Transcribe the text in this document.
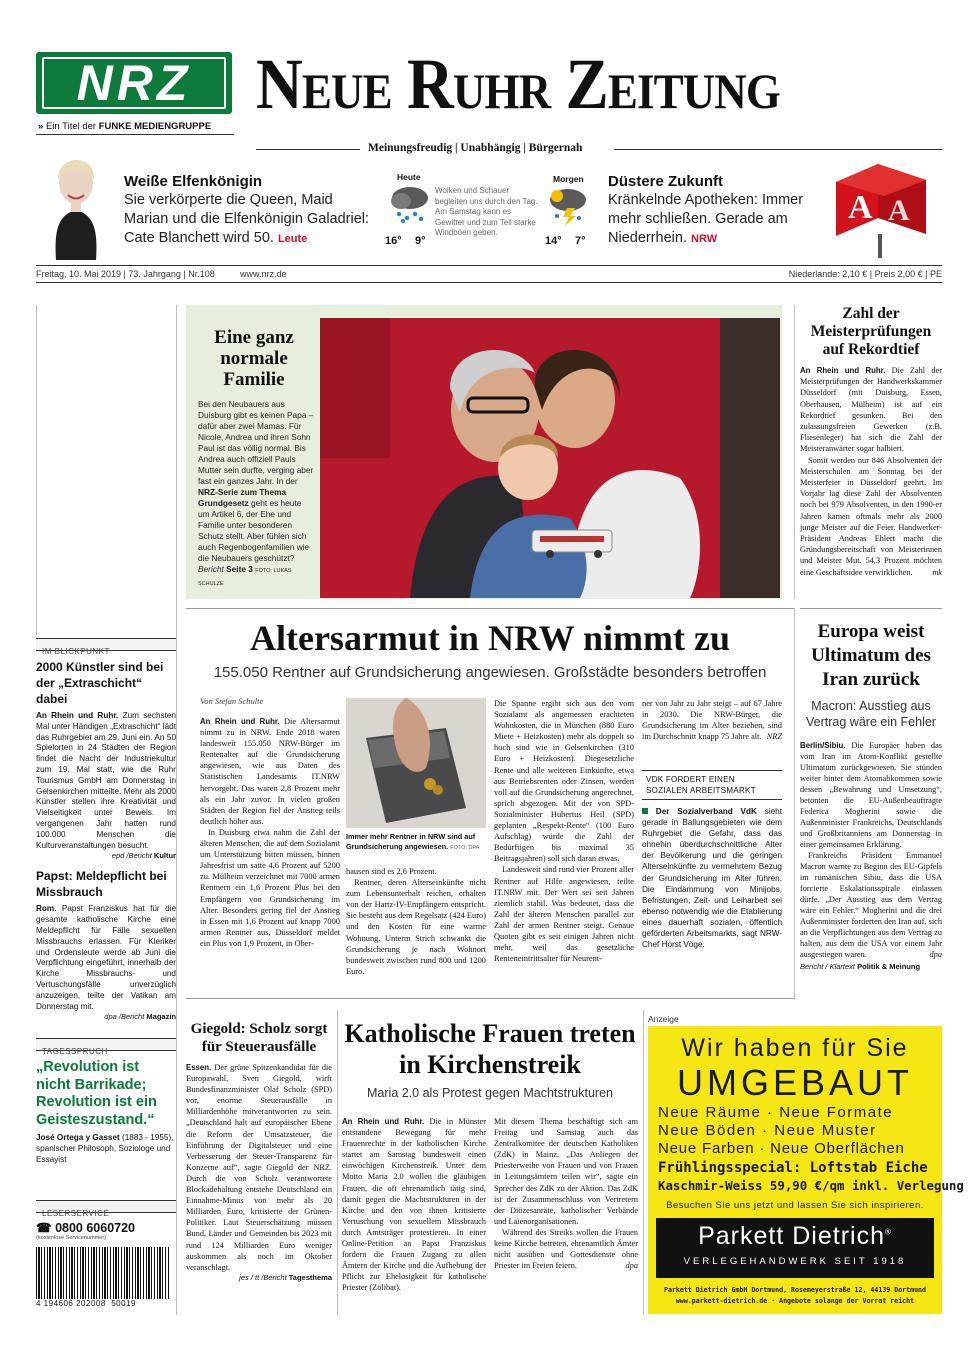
NRZ Neue Ruhr Zeitung
» Ein Titel der FUNKE MEDIENGRUPPE
Meinungsfreudig | Unabhängig | Bürgernah
Weiße Elfenkönigin
Sie verkörperte die Queen, Maid Marian und die Elfenkönigin Galadriel: Cate Blanchett wird 50. Leute
Heute
16° 9°
Wolken und Schauer begleiten uns durch den Tag. Am Samstag kann es Gewitter und zum Teil starke Windböen geben.
Morgen
14° 7°
Düstere Zukunft
Kränkelnde Apotheken: Immer mehr schließen. Gerade am Niederrhein. NRW
A A
Freitag, 10. Mai 2019 | 73. Jahrgang | Nr.108	www.nrz.de	Niederlande: 2,10 € | Preis 2,00 € | PE
Eine ganz normale Familie
Bei den Neubauers aus Duisburg gibt es keinen Papa – dafür aber zwei Mamas. Für Nicole, Andrea und ihren Sohn Paul ist das völlig normal. Bis Andrea auch offiziell Pauls Mutter sein durfte, verging aber fast ein ganzes Jahr. In der NRZ-Serie zum Thema Grundgesetz geht es heute um Artikel 6, der Ehe und Familie unter besonderen Schutz stellt. Aber fühlen sich auch Regenbogenfamilien wie die Neubauers geschützt?
Bericht Seite 3 FOTO: LUKAS SCHULZE
Zahl der Meisterprüfungen auf Rekordtief
An Rhein und Ruhr. Die Zahl der Meisterprüfungen der Handwerkskammer Düsseldorf (mit Duisburg, Essen, Oberhausen, Mülheim) ist auf ein Rekordtief gesunken. Bei den zulassungsfreien Gewerken (z.B. Fliesenleger) hat sich die Zahl der Meisteranwärter sogar halbiert.
Somit werden nur 846 Absolventen der Meisterschulen am Sonntag bei der Meisterfeier in Düsseldorf geehrt. Im Vorjahr lag diese Zahl der Absolventen noch bei 979 Absolventen, in den 1990-er Jahren kamen oftmals mehr als 2000 junge Meister auf die Feier. Handwerker-Präsident Andreas Ehlert macht die Gründungsbereitschaft von Meisterinnen und Meister Mut. 54,3 Prozent möchten eine Geschäftsidee verwirklichen.	mk
IM BLICKPUNKT
2000 Künstler sind bei der „Extraschicht“ dabei
An Rhein und Ruhr. Zum sechsten Mal unter Händigen „Extraschicht“ lädt das Ruhrgebiet am 29. Juni ein. An 50 Spielorten in 24 Städten der Region findet die Nacht der Industriekultur zum 19. Mal statt, wie die Ruhr Tourismus GmbH am Donnerstag in Gelsenkirchen mitteilte. Mehr als 2000 Künstler stellen ihre Kreativität und Vielseitigkeit unter Beweis. Im vergangenen Jahr hatten rund 100.000 Menschen die Kulturveranstaltungen besucht.
epd /Bericht Kultur
Papst: Meldepflicht bei Missbrauch
Rom. Papst Franziskus hat für die gesamte katholische Kirche eine Meldepflicht für Fälle sexuellen Missbrauchs erlassen. Für Kleriker und Ordensleute werde ab Juni die Verpflichtung eingeführt, innerhalb der Kirche Missbrauchs- und Vertuschungsfälle unverzüglich anzuzeigen, teilte der Vatikan am Donnerstag mit.
dpa /Bericht Magazin
TAGESSPRUCH
„Revolution ist nicht Barrikade; Revolution ist ein Geisteszustand.“
José Ortega y Gasset (1883 - 1955), spanischer Philosoph, Soziologe und Essayist
LESERSERVICE
☎ 0800 6060720
(kostenlose Servicenummer)
4 194606 202008  50019
Altersarmut in NRW nimmt zu
155.050 Rentner auf Grundsicherung angewiesen. Großstädte besonders betroffen
Von Stefan Schulte
An Rhein und Ruhr. Die Altersarmut nimmt zu in NRW. Ende 2018 waren landesweit 155.050 NRW-Bürger im Rentenalter auf die Grundsicherung angewiesen, wie aus Daten des Statistischen Landesamts IT.NRW hervorgeht. Das waren 2,8 Prozent mehr als ein Jahr zuvor. In vielen großen Städten der Region fiel der Anstieg teils deutlich höher aus.
In Duisburg etwa nahm die Zahl der älteren Menschen, die auf dem Sozialamt um Unterstützung bitten müssen, binnen Jahresfrist um satte 4,6 Prozent auf 5200 zu. Mülheim verzeichnet mit 7000 armen Rentnern ein 1,6 Prozent Plus bei den Empfängern von Grundsicherung im Alter. Besonders gering fiel der Anstieg in Essen mit 1,6 Prozent auf knapp 7000 armen Rentner aus, Düsseldorf meldet ein Plus von 1,9 Prozent, in Ober-
Immer mehr Rentner in NRW sind auf Grundsicherung angewiesen. FOTO: DPA
hausen sind es 2,6 Prozent.
Rentner, deren Alterseinkünfte nicht zum Lebensunterhalt reichen, erhalten von der Hartz-IV-Empfängern entspricht. Sie besteht aus dem Regelsatz (424 Euro) und den Kosten für eine warme Wohnung. Unterm Strich schwankt die Grundsicherung je nach Wohnort bundesweit zwischen rund 800 und 1200 Euro.
Die Spanne ergibt sich aus den vom Sozialamt als angemessen erachteten Wohnkosten, die in München (880 Euro Miete + Heizkosten) mehr als doppelt so hoch sind wie in Gelsenkirchen (310 Euro + Heizkosten). Diegesetzliche Rente und alle weiteren Einkünfte, etwa aus Betriebsrenten oder Zinsen, werden voll auf die Grundsicherung angerechnet, sprich abgezogen. Mit der von SPD-Sozialminister Hubertus Heil (SPD) geplanten „Respekt-Rente“ (100 Euro Aufschlag) würde die Zahl der Bedürftigen bis maximal 35 Beitragsjahren) soll sich daran etwas.
Landesweit sind rund vier Prozent aller Rentner auf Hilfe angewiesen, teilte IT.NRW mit. Der Wert sei seit Jahren ziemlich stabil. Was bedeutet, dass die Zahl der älteren Menschen parallel zur Zahl der armen Rentner steigt. Genaue Quoten gibt es seit einigen Jahren nicht mehr, weil das gesetzliche Renteneintrittsalter für Neurent-
ner von Jahr zu Jahr steigt – auf 67 Jahre in 2030. Die NRW-Bürger, die Grundsicherung im Alter beziehen, sind im Durchschnitt knapp 75 Jahre alt. NRZ
VDK FORDERT EINEN SOZIALEN ARBEITSMARKT
Der Sozialverband VdK sieht gerade in Ballungsgebieten wie dem Ruhrgebiet die Gefahr, dass das ohnehin überdurchschnittliche Alter der Bevölkerung und die geringen Alterseinkünfte zu vermehrtem Bezug der Grundsicherung im Alter führen. Die Eindämmung von Minijobs, Befristungen, Zeit- und Leiharbeit sei ebenso notwendig wie die Etablierung eines dauerhaft sozialen, öffentlich geförderten Arbeitsmarkts, sagt NRW-Chef Horst Vöge.
Europa weist Ultimatum des Iran zurück
Macron: Ausstieg aus Vertrag wäre ein Fehler
Berlin/Sibiu. Die Europäer haben das vom Iran im Atom-Konflikt gestellte Ultimatum zurückgewiesen. Sie stünden weiter hinter dem Atomabkommen sowie dessen „Bewahrung und Umsetzung“, betonten die EU-Außenbeauftragte Federica Mogherini sowie die Außenminister Frankreichs, Deutschlands und Großbritanniens am Donnerstag in einer gemeinsamen Erklärung.
Frankreichs Präsident Emmanuel Macron warnte zu Beginn des EU-Gipfels im rumänischen Sibiu, dass die USA forcierte Eskalationsspirale einlassen dürfe. „Der Ausstieg aus dem Vertrag wäre ein Fehler.“ Mogherini und die drei Außenminister forderten den Iran auf, sich an die Verpflichtungen aus dem Vertrag zu halten, aus dem die USA vor einem Jahr ausgestiegen waren.	dpa
Bericht / Klartext Politik & Meinung
Giegold: Scholz sorgt für Steuerausfälle
Essen. Der grüne Spitzenkandidat für die Europawahl, Sven Giegold, wirft Bundesfinanzminister Olaf Scholz (SPD) vor, enorme Steuerausfälle in Milliardenhöhe mitverantworten zu sein. „Deutschland halt auf europäischer Ebene die Reform der Umsatzsteuer, die Einführung der Digitalsteuer und eine Verbesserung der Steuer-Transparenz für Konzerne auf“, sagte Giegold der NRZ. Durch die von Scholz verantwortete Blockadehaltung entstehe Deutschland ein Einnahme-Minus von mehr als 20 Milliarden Euro, kritisierte der Grünen-Politiker. Laut Steuerschätzung müssen Bund, Länder und Gemeinden bis 2023 mit rund 124 Milliarden Euro weniger auskommen als noch im Oktober veranschlagt.
jes / tt /Bericht Tagesthema
Katholische Frauen treten in Kirchenstreik
Maria 2.0 als Protest gegen Machtstrukturen
An Rhein und Ruhr. Die in Münster entstandene Bewegung für mehr Frauenrechte in der katholischen Kirche startet am Samstag bundesweit einen einwöchigen Kirchenstreik. Unter dem Motto Maria 2.0 wollen die gläubigen Frauen, die oft ehrenamtlich tätig sind, damit gegen die Machtstrukturen in der Kirche und den von ihnen kritisierte Vertuschung von sexuellem Missbrauch durch Amtsträger protestieren. In einer Online-Petition an Papst Franziskus fordern die Frauen Zugang zu allen Ämtern der Kirche und die Aufhebung der Pflicht zur Ehelosigkeit für katholische Priester (Zölibat).
Mit diesem Thema beschäftigt sich am Freitag und Samstag auch das Zentralkomitee der deutschen Katholiken (ZdK) in Mainz. „Das Anliegen der Priesterweihe von Frauen und von Frauen in Leitungsämtern teilen wir“, sagte ein Sprecher des ZdK zu der Aktion. Das ZdK ist der Zusammenschluss von Vertretern der Diözesanräte, katholischer Verbände und Laienorganisationen.
Während des Streiks wollen die Frauen keine Kirche betreten, ehrenamtlich Ämter nicht ausüben und Gottesdienste ohne Priester im Freien feiern.	dpa
Anzeige
Wir haben für Sie
UMGEBAUT
Neue Räume · Neue Formate
Neue Böden · Neue Muster
Neue Farben · Neue Oberflächen
Frühlingsspecial: Loftstab Eiche
Kaschmir-Weiss 59,90 €/qm inkl. Verlegung
Besuchen Sie uns jetzt und lassen Sie sich inspirieren.
Parkett Dietrich®
VERLEGEHANDWERK SEIT 1918
Parkett Dietrich GmbH Dortmund, Rosemeyerstraße 12, 44139 Dortmund
www.parkett-dietrich.de · Angebote solange der Vorrat reicht
